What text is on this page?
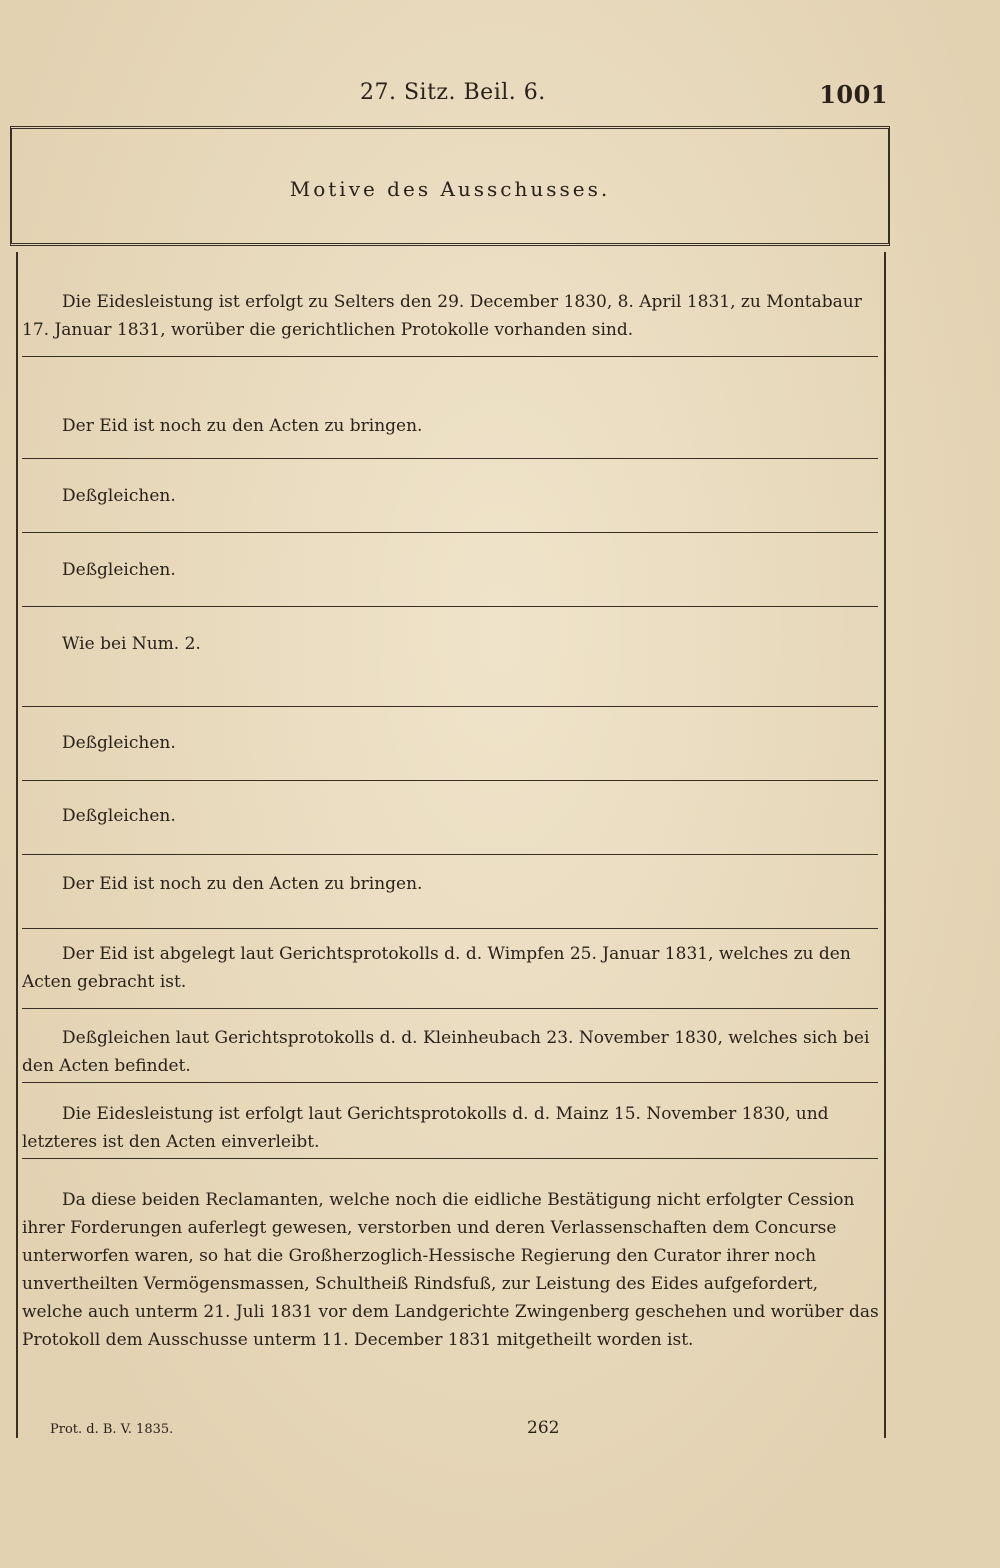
27. Sitz. Beil. 6.	1001
Motive des Ausschusses.

Die Eidesleistung ist erfolgt zu Selters den 29. December 1830, 8. April 1831, zu Montabaur 17. Januar 1831, worüber die gerichtlichen Protokolle vorhanden sind.

Der Eid ist noch zu den Acten zu bringen.

Deßgleichen.

Deßgleichen.

Wie bei Num. 2.

Deßgleichen.

Deßgleichen.

Der Eid ist noch zu den Acten zu bringen.

Der Eid ist abgelegt laut Gerichtsprotokolls d. d. Wimpfen 25. Januar 1831, welches zu den Acten gebracht ist.

Deßgleichen laut Gerichtsprotokolls d. d. Kleinheubach 23. November 1830, welches sich bei den Acten befindet.

Die Eidesleistung ist erfolgt laut Gerichtsprotokolls d. d. Mainz 15. November 1830, und letzteres ist den Acten einverleibt.

Da diese beiden Reclamanten, welche noch die eidliche Bestätigung nicht erfolgter Cession ihrer Forderungen auferlegt gewesen, verstorben und deren Verlassenschaften dem Concurse unterworfen waren, so hat die Großherzoglich-Hessische Regierung den Curator ihrer noch unvertheilten Vermögensmassen, Schultheiß Rindsfuß, zur Leistung des Eides aufgefordert, welche auch unterm 21. Juli 1831 vor dem Landgerichte Zwingenberg geschehen und worüber das Protokoll dem Ausschusse unterm 11. December 1831 mitgetheilt worden ist.

Prot. d. B. V. 1835.	262
